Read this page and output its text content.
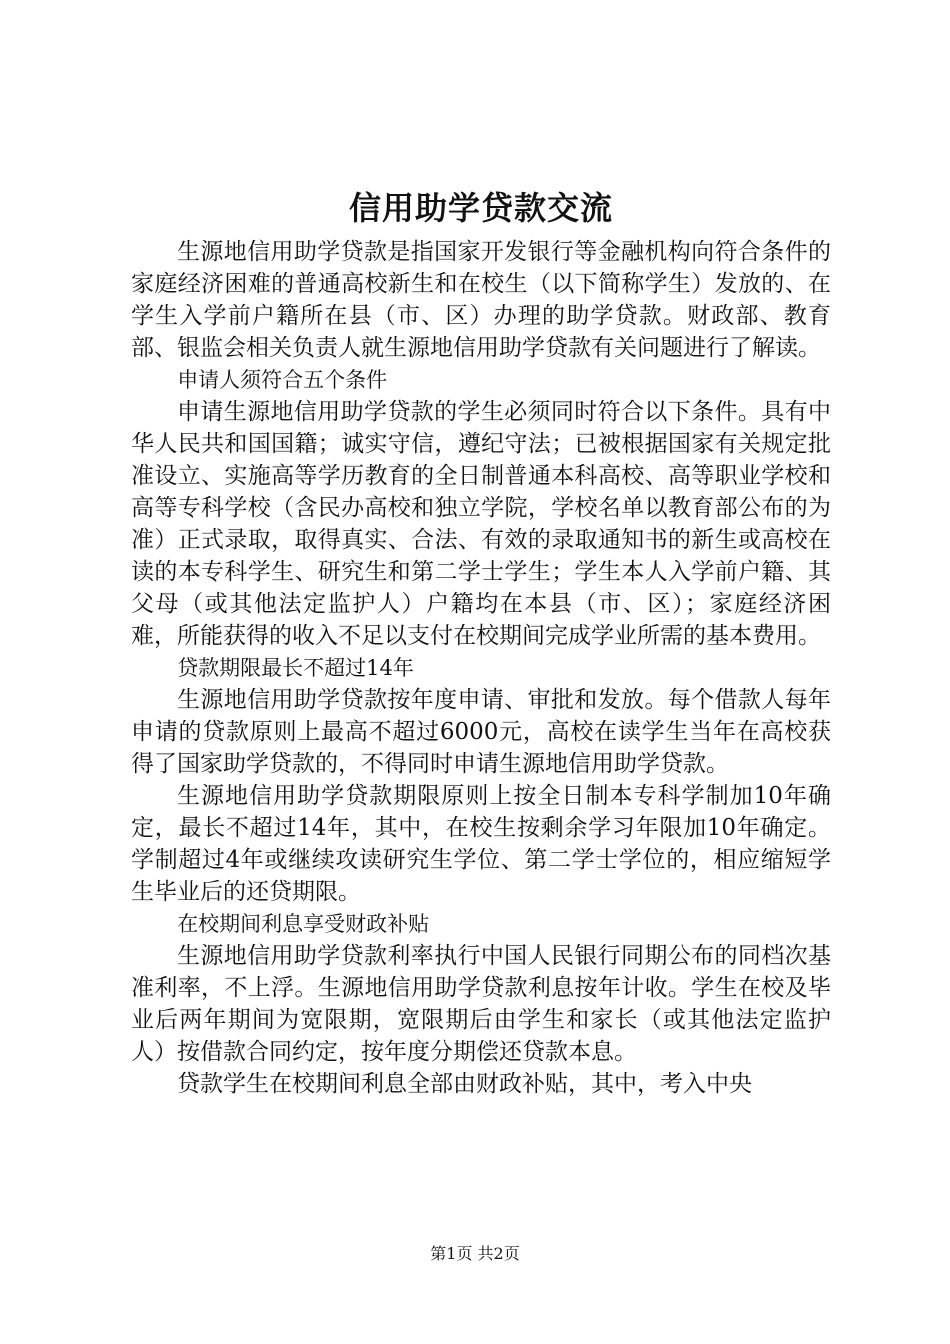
信用助学贷款交流

生源地信用助学贷款是指国家开发银行等金融机构向符合条件的家庭经济困难的普通高校新生和在校生（以下简称学生）发放的、在学生入学前户籍所在县（市、区）办理的助学贷款。财政部、教育部、银监会相关负责人就生源地信用助学贷款有关问题进行了解读。

申请人须符合五个条件

申请生源地信用助学贷款的学生必须同时符合以下条件。具有中华人民共和国国籍；诚实守信，遵纪守法；已被根据国家有关规定批准设立、实施高等学历教育的全日制普通本科高校、高等职业学校和高等专科学校（含民办高校和独立学院，学校名单以教育部公布的为准）正式录取，取得真实、合法、有效的录取通知书的新生或高校在读的本专科学生、研究生和第二学士学生；学生本人入学前户籍、其父母（或其他法定监护人）户籍均在本县（市、区）；家庭经济困难，所能获得的收入不足以支付在校期间完成学业所需的基本费用。

贷款期限最长不超过14年

生源地信用助学贷款按年度申请、审批和发放。每个借款人每年申请的贷款原则上最高不超过6000元，高校在读学生当年在高校获得了国家助学贷款的，不得同时申请生源地信用助学贷款。

生源地信用助学贷款期限原则上按全日制本专科学制加10年确定，最长不超过14年，其中，在校生按剩余学习年限加10年确定。学制超过4年或继续攻读研究生学位、第二学士学位的，相应缩短学生毕业后的还贷期限。

在校期间利息享受财政补贴

生源地信用助学贷款利率执行中国人民银行同期公布的同档次基准利率，不上浮。生源地信用助学贷款利息按年计收。学生在校及毕业后两年期间为宽限期，宽限期后由学生和家长（或其他法定监护人）按借款合同约定，按年度分期偿还贷款本息。

贷款学生在校期间利息全部由财政补贴，其中，考入中央

第1页 共2页
